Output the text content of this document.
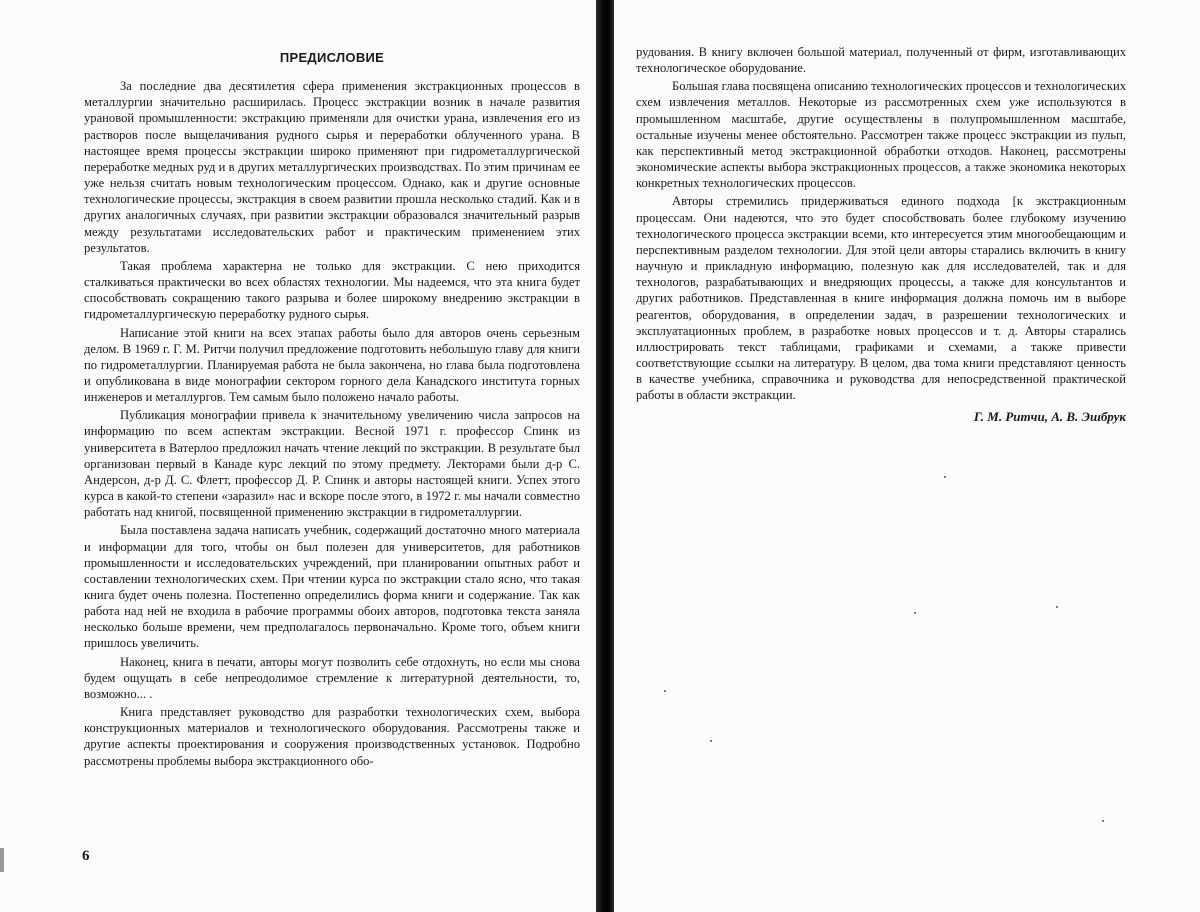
ПРЕДИСЛОВИЕ

За последние два десятилетия сфера применения экстракционных процессов в металлургии значительно расширилась. Процесс экстракции возник в начале развития урановой промышленности: экстракцию применяли для очистки урана, извлечения его из растворов после выщелачивания рудного сырья и переработки облученного урана. В настоящее время процессы экстракции широко применяют при гидрометаллургической переработке медных руд и в других металлургических производствах. По этим причинам ее уже нельзя считать новым технологическим процессом. Однако, как и другие основные технологические процессы, экстракция в своем развитии прошла несколько стадий. Как и в других аналогичных случаях, при развитии экстракции образовался значительный разрыв между результатами исследовательских работ и практическим применением этих результатов.

Такая проблема характерна не только для экстракции. С нею приходится сталкиваться практически во всех областях технологии. Мы надеемся, что эта книга будет способствовать сокращению такого разрыва и более широкому внедрению экстракции в гидрометаллургическую переработку рудного сырья.

Написание этой книги на всех этапах работы было для авторов очень серьезным делом. В 1969 г. Г. М. Ритчи получил предложение подготовить небольшую главу для книги по гидрометаллургии. Планируемая работа не была закончена, но глава была подготовлена и опубликована в виде монографии сектором горного дела Канадского института горных инженеров и металлургов. Тем самым было положено начало работы.

Публикация монографии привела к значительному увеличению числа запросов на информацию по всем аспектам экстракции. Весной 1971 г. профессор Спинк из университета в Ватерлоо предложил начать чтение лекций по экстракции. В результате был организован первый в Канаде курс лекций по этому предмету. Лекторами были д-р С. Андерсон, д-р Д. С. Флетт, профессор Д. Р. Спинк и авторы настоящей книги. Успех этого курса в какой-то степени «заразил» нас и вскоре после этого, в 1972 г. мы начали совместно работать над книгой, посвященной применению экстракции в гидрометаллургии.

Была поставлена задача написать учебник, содержащий достаточно много материала и информации для того, чтобы он был полезен для университетов, для работников промышленности и исследовательских учреждений, при планировании опытных работ и составлении технологических схем. При чтении курса по экстракции стало ясно, что такая книга будет очень полезна. Постепенно определились форма книги и содержание. Так как работа над ней не входила в рабочие программы обоих авторов, подготовка текста заняла несколько больше времени, чем предполагалось первоначально. Кроме того, объем книги пришлось увеличить.

Наконец, книга в печати, авторы могут позволить себе отдохнуть, но если мы снова будем ощущать в себе непреодолимое стремление к литературной деятельности, то, возможно... .

Книга представляет руководство для разработки технологических схем, выбора конструкционных материалов и технологического оборудования. Рассмотрены также и другие аспекты проектирования и сооружения производственных установок. Подробно рассмотрены проблемы выбора экстракционного обо-

6

рудования. В книгу включен большой материал, полученный от фирм, изготавливающих технологическое оборудование.

Большая глава посвящена описанию технологических процессов и технологических схем извлечения металлов. Некоторые из рассмотренных схем уже используются в промышленном масштабе, другие осуществлены в полупромышленном масштабе, остальные изучены менее обстоятельно. Рассмотрен также процесс экстракции из пульп, как перспективный метод экстракционной обработки отходов. Наконец, рассмотрены экономические аспекты выбора экстракционных процессов, а также экономика некоторых конкретных технологических процессов.

Авторы стремились придерживаться единого подхода [к экстракционным процессам. Они надеются, что это будет способствовать более глубокому изучению технологического процесса экстракции всеми, кто интересуется этим многообещающим и перспективным разделом технологии. Для этой цели авторы старались включить в книгу научную и прикладную информацию, полезную как для исследователей, так и для технологов, разрабатывающих и внедряющих процессы, а также для консультантов и других работников. Представленная в книге информация должна помочь им в выборе реагентов, оборудования, в определении задач, в разрешении технологических и эксплуатационных проблем, в разработке новых процессов и т. д. Авторы старались иллюстрировать текст таблицами, графиками и схемами, а также привести соответствующие ссылки на литературу. В целом, два тома книги представляют ценность в качестве учебника, справочника и руководства для непосредственной практической работы в области экстракции.

Г. М. Ритчи, А. В. Эшбрук
